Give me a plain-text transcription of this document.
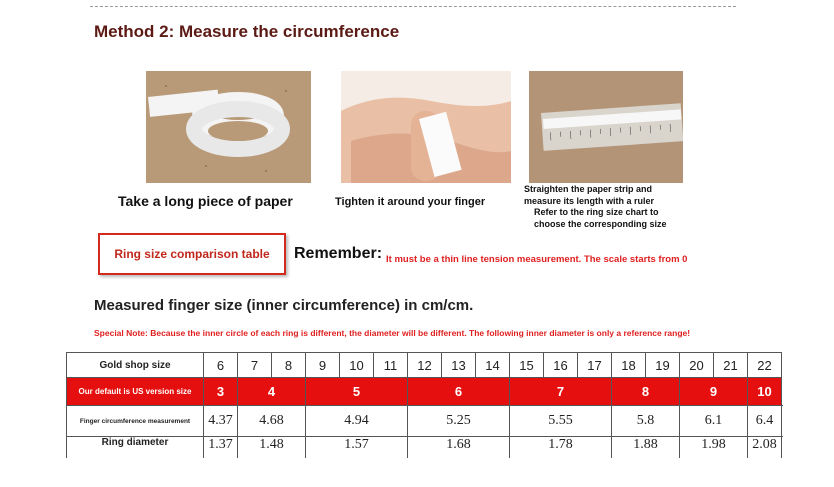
Method 2: Measure the circumference
Take a long piece of paper	Tighten it around your finger
Straighten the paper strip and
measure its length with a ruler
Refer to the ring size chart to
choose the corresponding size
Ring size comparison table	Remember: It must be a thin line tension measurement. The scale starts from 0
Measured finger size (inner circumference) in cm/cm.
Special Note: Because the inner circle of each ring is different, the diameter will be different. The following inner diameter is only a reference range!
Gold shop size	6	7	8	9	10	11	12	13	14	15	16	17	18	19	20	21	22
Our default is US version size	3	4		5			6			7			8		9		10
Finger circumference measurement	4.37	4.68		4.94			5.25			5.55			5.8		6.1		6.4
Ring diameter	1.37	1.48		1.57			1.68			1.78			1.88		1.98		2.08
